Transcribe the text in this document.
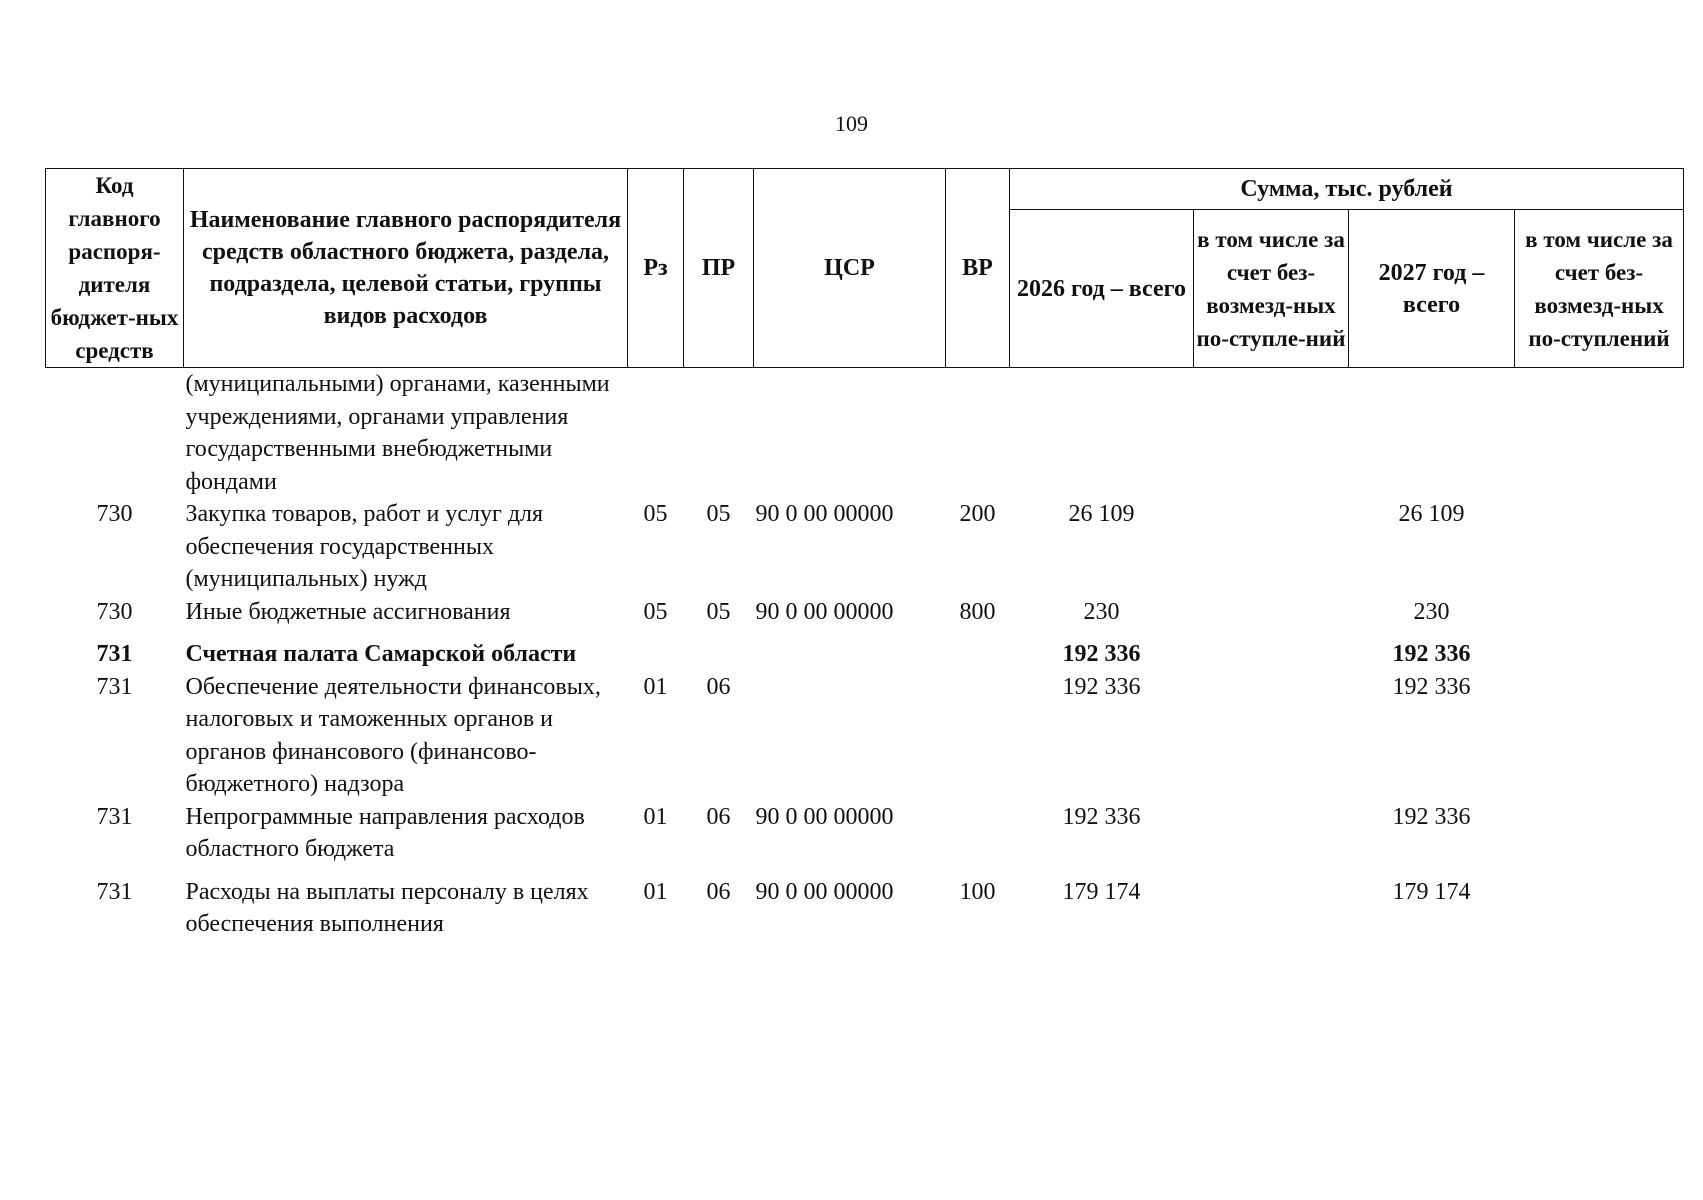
109
Код главного распоря-дителя бюджет-ных средств	Наименование главного распорядителя средств областного бюджета, раздела, подраздела, целевой статьи, группы видов расходов	Рз	ПР	ЦСР	ВР	Сумма, тыс. рублей			
						2026 год – всего	в том числе за счет без-возмезд-ных по-ступле-ний	2027 год – всего	в том числе за счет без-возмезд-ных по-ступлений
	(муниципальными) органами, казенными учреждениями, органами управления государственными внебюджетными фондами								
730	Закупка товаров, работ и услуг для обеспечения государственных (муниципальных) нужд	05	05	90 0 00 00000	200	26 109		26 109	
730	Иные бюджетные ассигнования	05	05	90 0 00 00000	800	230		230	
731	Счетная палата Самарской области					192 336		192 336	
731	Обеспечение деятельности финансовых, налоговых и таможенных органов и органов финансового (финансово-бюджетного) надзора	01	06			192 336		192 336	
731	Непрограммные направления расходов областного бюджета	01	06	90 0 00 00000		192 336		192 336	
731	Расходы на выплаты персоналу в целях обеспечения выполнения	01	06	90 0 00 00000	100	179 174		179 174	
